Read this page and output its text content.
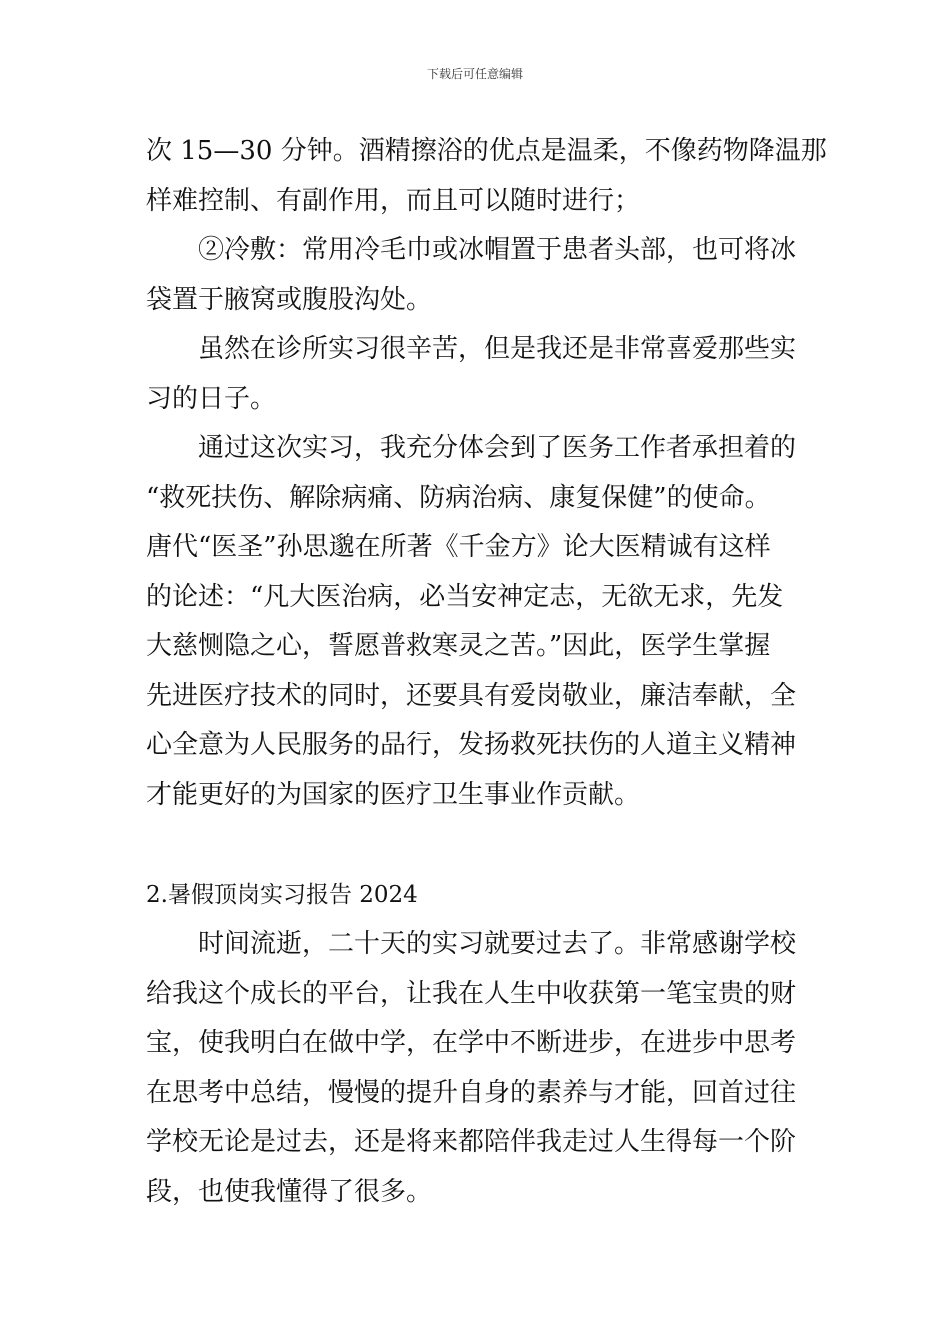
下载后可任意编辑
次 15—30 分钟。酒精擦浴的优点是温柔，不像药物降温那
样难控制、有副作用，而且可以随时进行；
②冷敷：常用冷毛巾或冰帽置于患者头部，也可将冰
袋置于腋窝或腹股沟处。
虽然在诊所实习很辛苦，但是我还是非常喜爱那些实
习的日子。
通过这次实习，我充分体会到了医务工作者承担着的
“救死扶伤、解除病痛、防病治病、康复保健”的使命。
唐代“医圣”孙思邈在所著《千金方》论大医精诚有这样
的论述：“凡大医治病，必当安神定志，无欲无求，先发
大慈恻隐之心，誓愿普救寒灵之苦。”因此，医学生掌握
先进医疗技术的同时，还要具有爱岗敬业，廉洁奉献，全
心全意为人民服务的品行，发扬救死扶伤的人道主义精神
才能更好的为国家的医疗卫生事业作贡献。
2.暑假顶岗实习报告 2024
时间流逝，二十天的实习就要过去了。非常感谢学校
给我这个成长的平台，让我在人生中收获第一笔宝贵的财
宝，使我明白在做中学，在学中不断进步，在进步中思考
在思考中总结，慢慢的提升自身的素养与才能，回首过往
学校无论是过去，还是将来都陪伴我走过人生得每一个阶
段，也使我懂得了很多。
